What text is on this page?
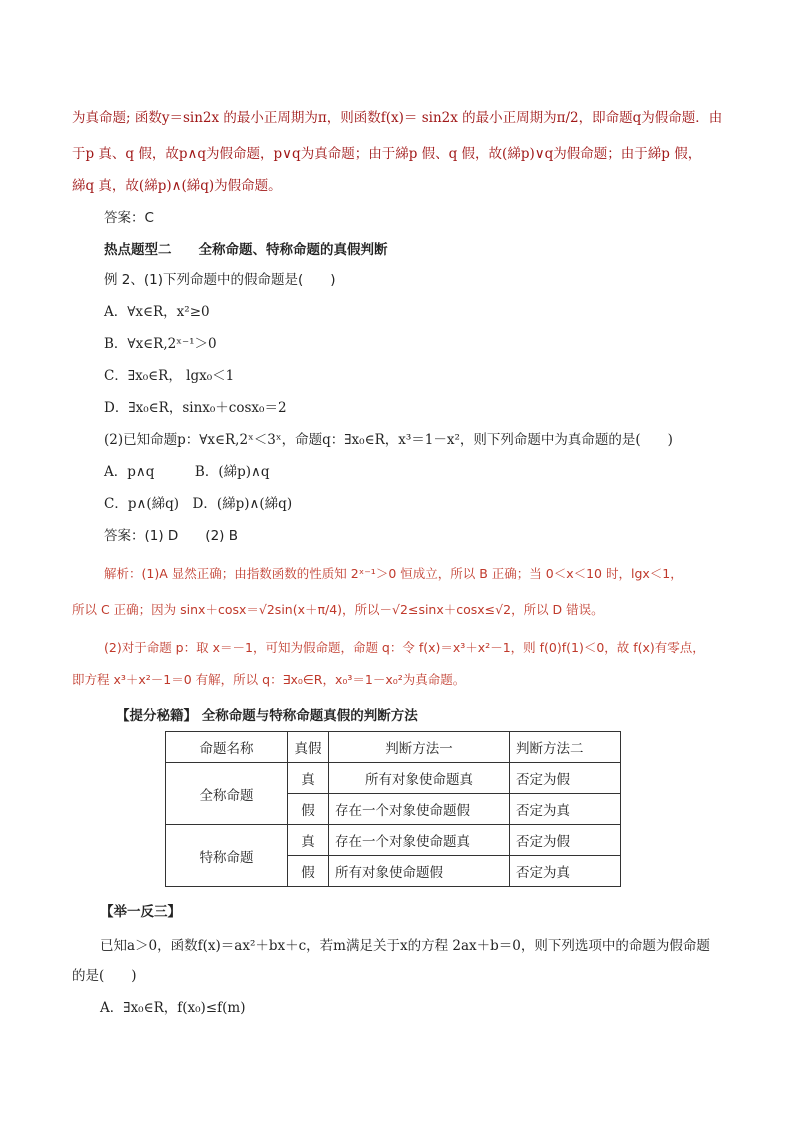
为真命题; 函数y＝sin2x 的最小正周期为π，则函数f(x)＝ sin2x 的最小正周期为π/2，即命题q为假命题．由
于p 真、q 假，故p∧q为假命题，p∨q为真命题；由于綈p 假、q 假，故(綈p)∨q为假命题；由于綈p 假，
綈q 真，故(綈p)∧(綈q)为假命题。
答案：C
热点题型二　　全称命题、特称命题的真假判断
例 2、(1)下列命题中的假命题是(　　)
A．∀x∈R，x²≥0
B．∀x∈R,2ˣ⁻¹＞0
C．∃x₀∈R， lgx₀＜1
D．∃x₀∈R，sinx₀＋cosx₀＝2
(2)已知命题p：∀x∈R,2ˣ＜3ˣ，命题q：∃x₀∈R，x³＝1－x²，则下列命题中为真命题的是(　　)
A．p∧q　　　B．(綈p)∧q
C．p∧(綈q)　D．(綈p)∧(綈q)
答案：(1) D　　(2) B
解析：(1)A 显然正确；由指数函数的性质知 2ˣ⁻¹＞0 恒成立，所以 B 正确；当 0＜x＜10 时，lgx＜1，
所以 C 正确；因为 sinx＋cosx＝√2sin(x＋π/4)，所以－√2≤sinx＋cosx≤√2，所以 D 错误。
(2)对于命题 p：取 x＝－1，可知为假命题，命题 q：令 f(x)＝x³＋x²－1，则 f(0)f(1)＜0，故 f(x)有零点，
即方程 x³＋x²－1＝0 有解，所以 q：∃x₀∈R，x₀³＝1－x₀²为真命题。
【提分秘籍】 全称命题与特称命题真假的判断方法
命题名称	真假	判断方法一	判断方法二
全称命题	真	所有对象使命题真	否定为假
	假	存在一个对象使命题假	否定为真
特称命题	真	存在一个对象使命题真	否定为假
	假	所有对象使命题假	否定为真
【举一反三】
已知a＞0，函数f(x)＝ax²＋bx＋c，若m满足关于x的方程 2ax＋b＝0，则下列选项中的命题为假命题
的是(　　)
A．∃x₀∈R，f(x₀)≤f(m)
